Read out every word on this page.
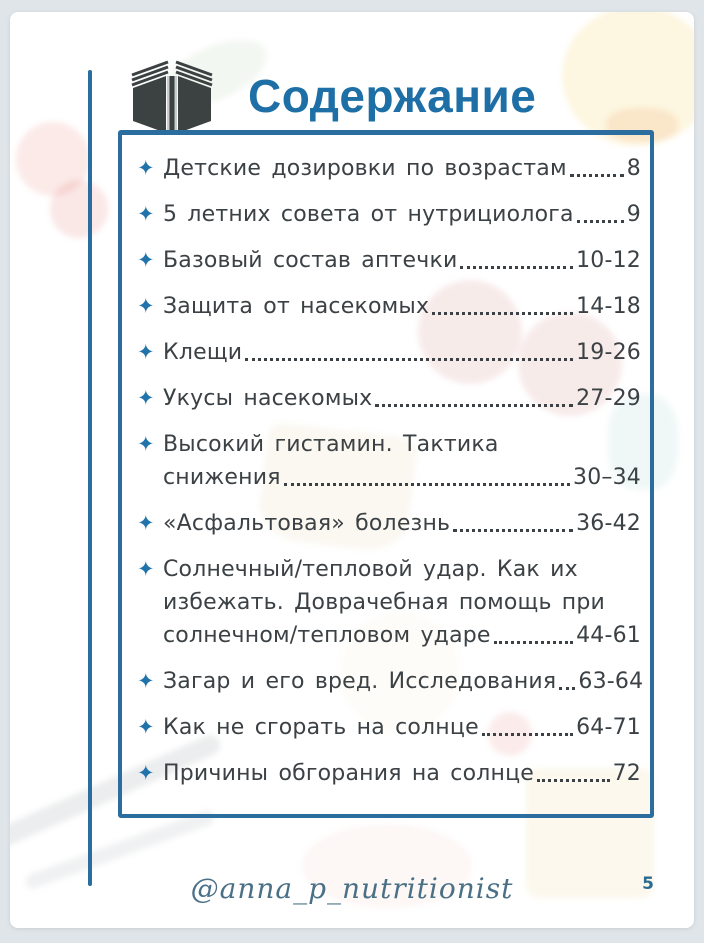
Содержание
✦ Детские дозировки по возрастам	8
✦ 5 летних совета от нутрициолога 9
✦ Базовый состав аптечки	10-12
✦ Защита от насекомых	14-18
✦ Клещи	19-26
✦ Укусы насекомых	27-29
✦ Высокий гистамин. Тактика
снижения	30–34
✦ «Асфальтовая» болезнь	36-42
✦ Солнечный/тепловой удар. Как их
избежать. Доврачебная помощь при
солнечном/тепловом ударе	44-61
✦ Загар и его вред. Исследования 63-64
✦ Как не сгорать на солнце	64-71
✦ Причины обгорания на солнце	72
@anna_p_nutritionist	5
